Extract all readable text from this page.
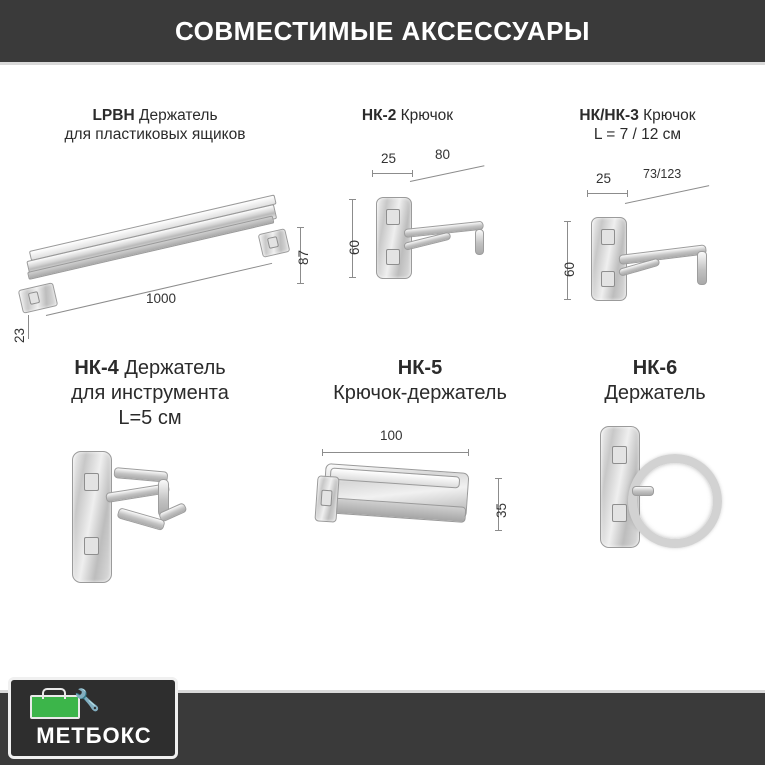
СОВМЕСТИМЫЕ АКСЕССУАРЫ
LPBH Держатель
для пластиковых ящиков
87
1000
23
НК-2 Крючок
25	80
60
НК/НК-3 Крючок
L = 7 / 12 см
25	73/123
60
НК-4 Держатель
для инструмента
L=5 см
НК-5
Крючок-держатель
100
35
НК-6
Держатель
🔧
МЕТБОКС
